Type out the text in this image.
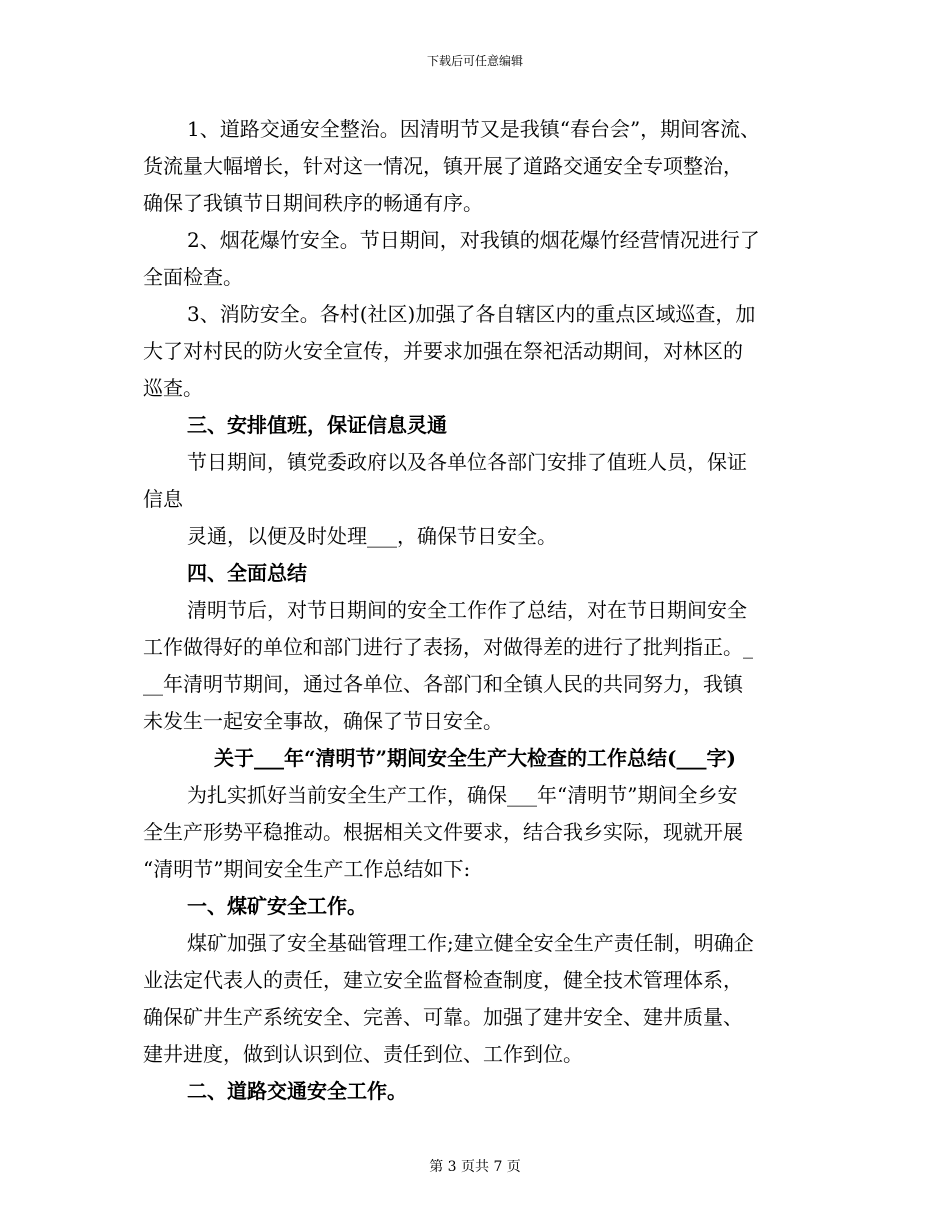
下载后可任意编辑
1、道路交通安全整治。因清明节又是我镇“春台会”，期间客流、
货流量大幅增长，针对这一情况，镇开展了道路交通安全专项整治，
确保了我镇节日期间秩序的畅通有序。
2、烟花爆竹安全。节日期间，对我镇的烟花爆竹经营情况进行了
全面检查。
3、消防安全。各村(社区)加强了各自辖区内的重点区域巡查，加
大了对村民的防火安全宣传，并要求加强在祭祀活动期间，对林区的
巡查。
三、安排值班，保证信息灵通
节日期间，镇党委政府以及各单位各部门安排了值班人员，保证
信息
灵通，以便及时处理___，确保节日安全。
四、全面总结
清明节后，对节日期间的安全工作作了总结，对在节日期间安全
工作做得好的单位和部门进行了表扬，对做得差的进行了批判指正。_
__年清明节期间，通过各单位、各部门和全镇人民的共同努力，我镇
未发生一起安全事故，确保了节日安全。
关于___年“清明节”期间安全生产大检查的工作总结(___字)
为扎实抓好当前安全生产工作，确保___年“清明节”期间全乡安
全生产形势平稳推动。根据相关文件要求，结合我乡实际，现就开展
“清明节”期间安全生产工作总结如下:
一、煤矿安全工作。
煤矿加强了安全基础管理工作;建立健全安全生产责任制，明确企
业法定代表人的责任，建立安全监督检查制度，健全技术管理体系，
确保矿井生产系统安全、完善、可靠。加强了建井安全、建井质量、
建井进度，做到认识到位、责任到位、工作到位。
二、道路交通安全工作。
第 3 页共 7 页
